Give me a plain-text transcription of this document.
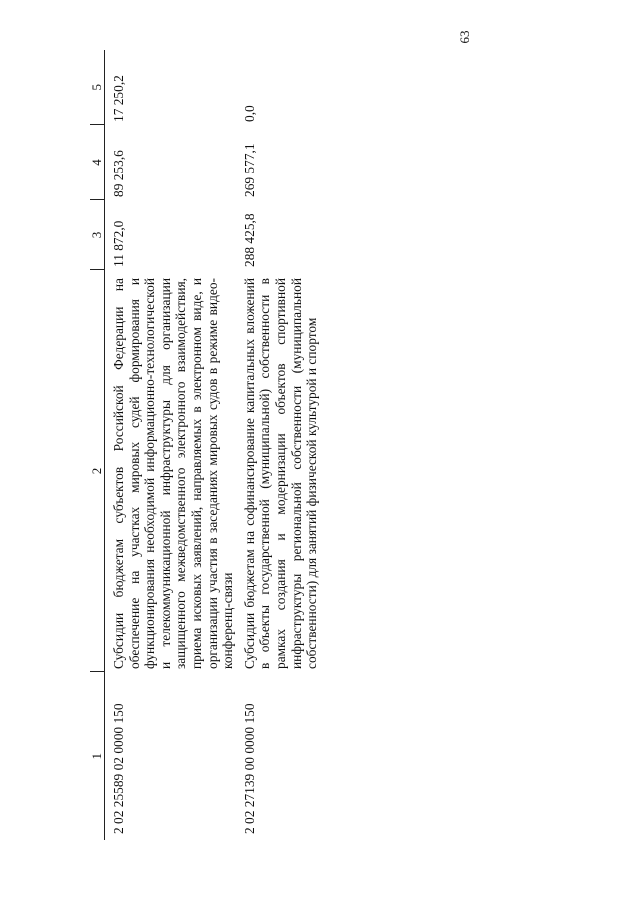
63
1	2	3	4	5
2 02 25589 02 0000 150	Субсидии бюджетам субъектов Российской Федерации на обеспечение на участках мировых судей формирования и функционирования необходимой информационно-технологической и телекоммуникационной инфраструктуры для организации защищенного межведомственного электронного взаимодействия, приема исковых заявлений, направляемых в электронном виде, и организации участия в заседаниях мировых судов в режиме видео-конференц-связи	11 872,0	89 253,6	17 250,2
2 02 27139 00 0000 150	Субсидии бюджетам на софинансирование капитальных вложений в объекты государственной (муниципальной) собственности в рамках создания и модернизации объектов спортивной инфраструктуры региональной собственности (муниципальной собственности) для занятий физической культурой и спортом	288 425,8	269 577,1	0,0
